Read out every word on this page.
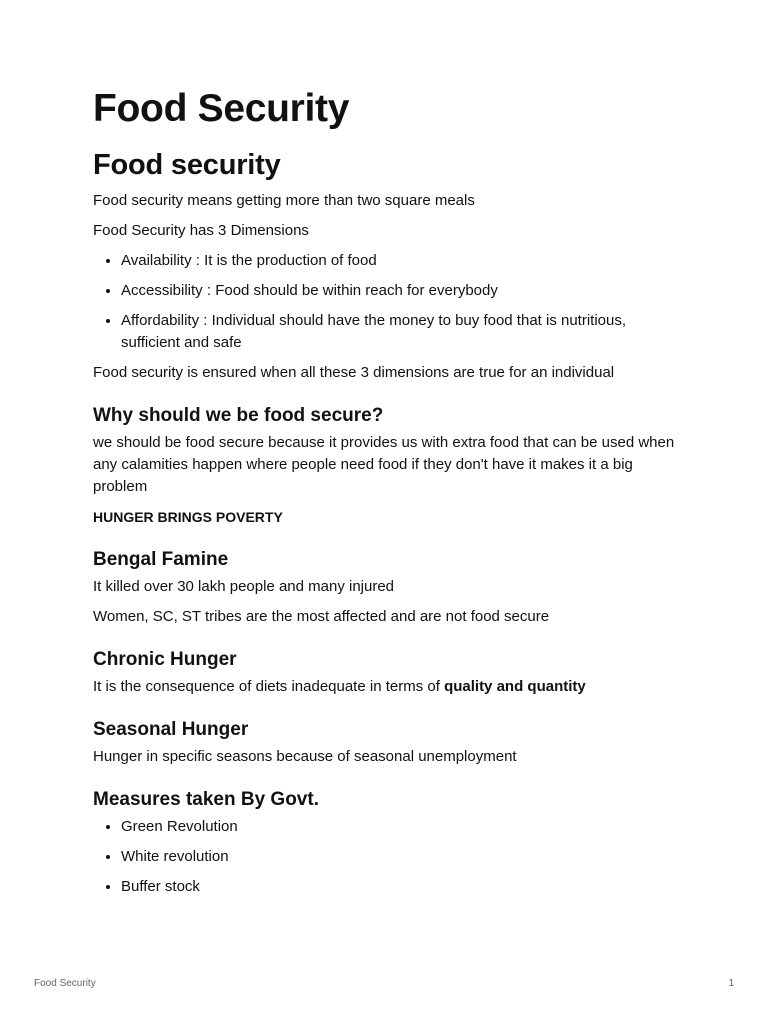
Food Security
Food security

Food security means getting more than two square meals

Food Security has 3 Dimensions

• Availability : It is the production of food
• Accessibility : Food should be within reach for everybody
• Affordability : Individual should have the money to buy food that is nutritious, sufficient and safe

Food security is ensured when all these 3 dimensions are true for an individual

Why should we be food secure?

we should be food secure because it provides us with extra food that can be used when any calamities happen where people need food if they don't have it makes it a big problem

HUNGER BRINGS POVERTY

Bengal Famine

It killed over 30 lakh people and many injured

Women, SC, ST tribes are the most affected and are not food secure

Chronic Hunger

It is the consequence of diets inadequate in terms of quality and quantity

Seasonal Hunger

Hunger in specific seasons because of seasonal unemployment

Measures taken By Govt.
• Green Revolution
• White revolution
• Buffer stock
Food Security	1
